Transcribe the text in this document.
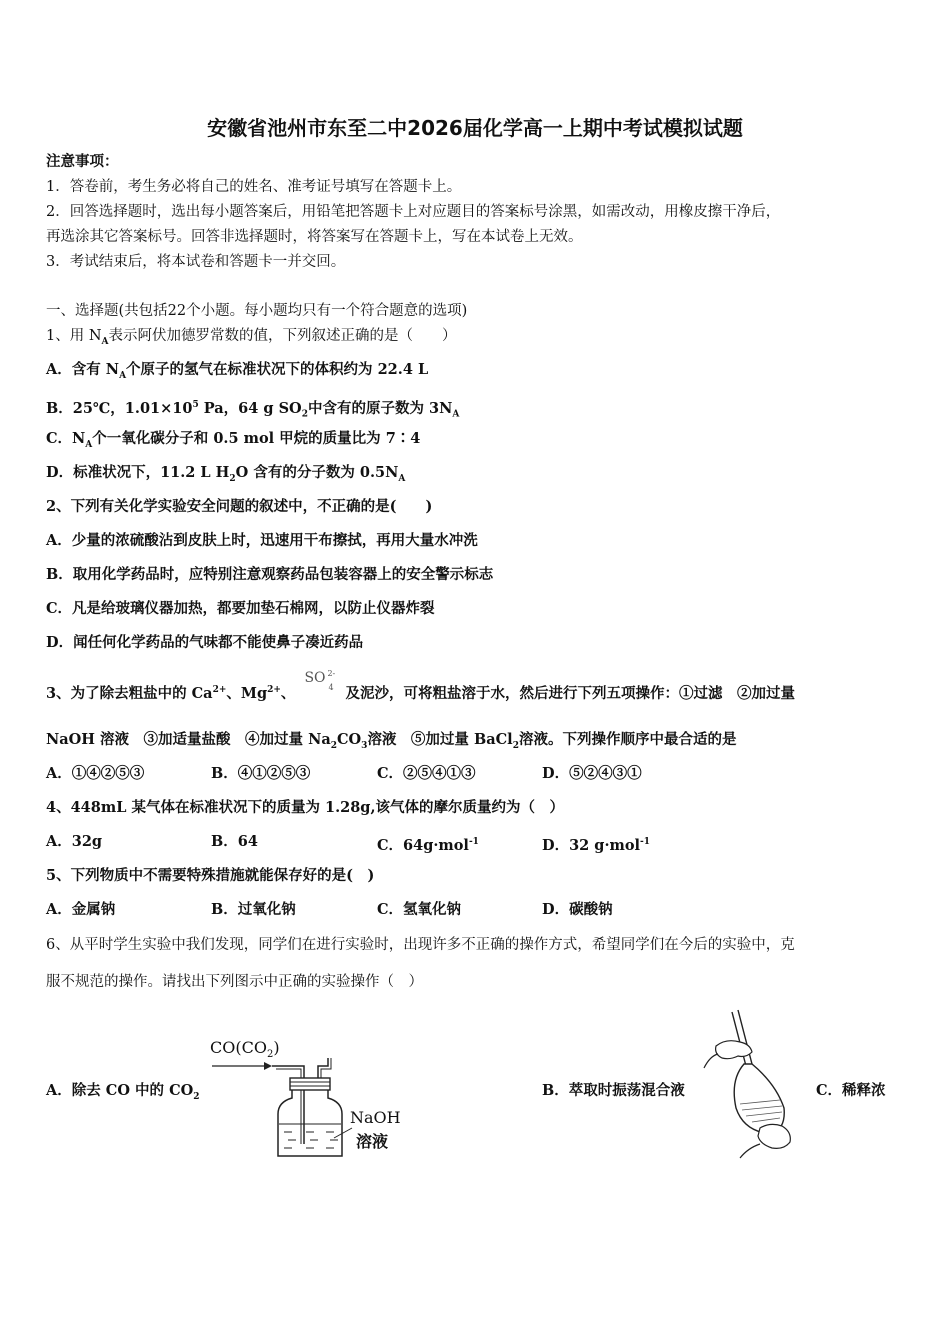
安徽省池州市东至二中2026届化学高一上期中考试模拟试题
注意事项：
1．答卷前，考生务必将自己的姓名、准考证号填写在答题卡上。
2．回答选择题时，选出每小题答案后，用铅笔把答题卡上对应题目的答案标号涂黑，如需改动，用橡皮擦干净后，
再选涂其它答案标号。回答非选择题时，将答案写在答题卡上，写在本试卷上无效。
3．考试结束后，将本试卷和答题卡一并交回。
一、选择题(共包括22个小题。每小题均只有一个符合题意的选项)
1、用 $N_A$表示阿伏加德罗常数的值，下列叙述正确的是（　　）
A．含有 $N_A$个原子的氢气在标准状况下的体积约为 22.4 L
B．25℃，$1.01\times 10^5$ Pa，64 g $SO_2$中含有的原子数为 $3N_A$
C．$N_A$个一氧化碳分子和 0.5 mol 甲烷的质量比为 7∶4
D．标准状况下，11.2 L $H_2O$ 含有的分子数为 $0.5N_A$
2、下列有关化学实验安全问题的叙述中，不正确的是(　　)
A．少量的浓硫酸沾到皮肤上时，迅速用干布擦拭，再用大量水冲洗
B．取用化学药品时，应特别注意观察药品包装容器上的安全警示标志
C．凡是给玻璃仪器加热，都要加垫石棉网，以防止仪器炸裂
D．闻任何化学药品的气味都不能使鼻子凑近药品
3、为了除去粗盐中的 $Ca^{2+}$、$Mg^{2+}$、
SO 2-
4 及泥沙，可将粗盐溶于水，然后进行下列五项操作：①过滤　②加过量
NaOH 溶液　③加适量盐酸　④加过量 $Na_2CO_3$溶液　⑤加过量 BaCl$_2$溶液。下列操作顺序中最合适的是
A．①④②⑤③	B．④①②⑤③	C．②⑤④①③	D．⑤②④③①
4、448mL 某气体在标准状况下的质量为 1.28g,该气体的摩尔质量约为（　）
A．32g	B．64	C．64g·mol$^{-1}$	D．32 g·mol$^{-1}$
5、下列物质中不需要特殊措施就能保存好的是(　)
A．金属钠	B．过氧化钠	C．氢氧化钠	D．碳酸钠
6、从平时学生实验中我们发现，同学们在进行实验时，出现许多不正确的操作方式，希望同学们在今后的实验中，克
服不规范的操作。请找出下列图示中正确的实验操作（　）
A．除去 CO 中的 $CO_2$
$CO(CO_2)$
NaOH
溶液
B．萃取时振荡混合液	C．稀释浓
